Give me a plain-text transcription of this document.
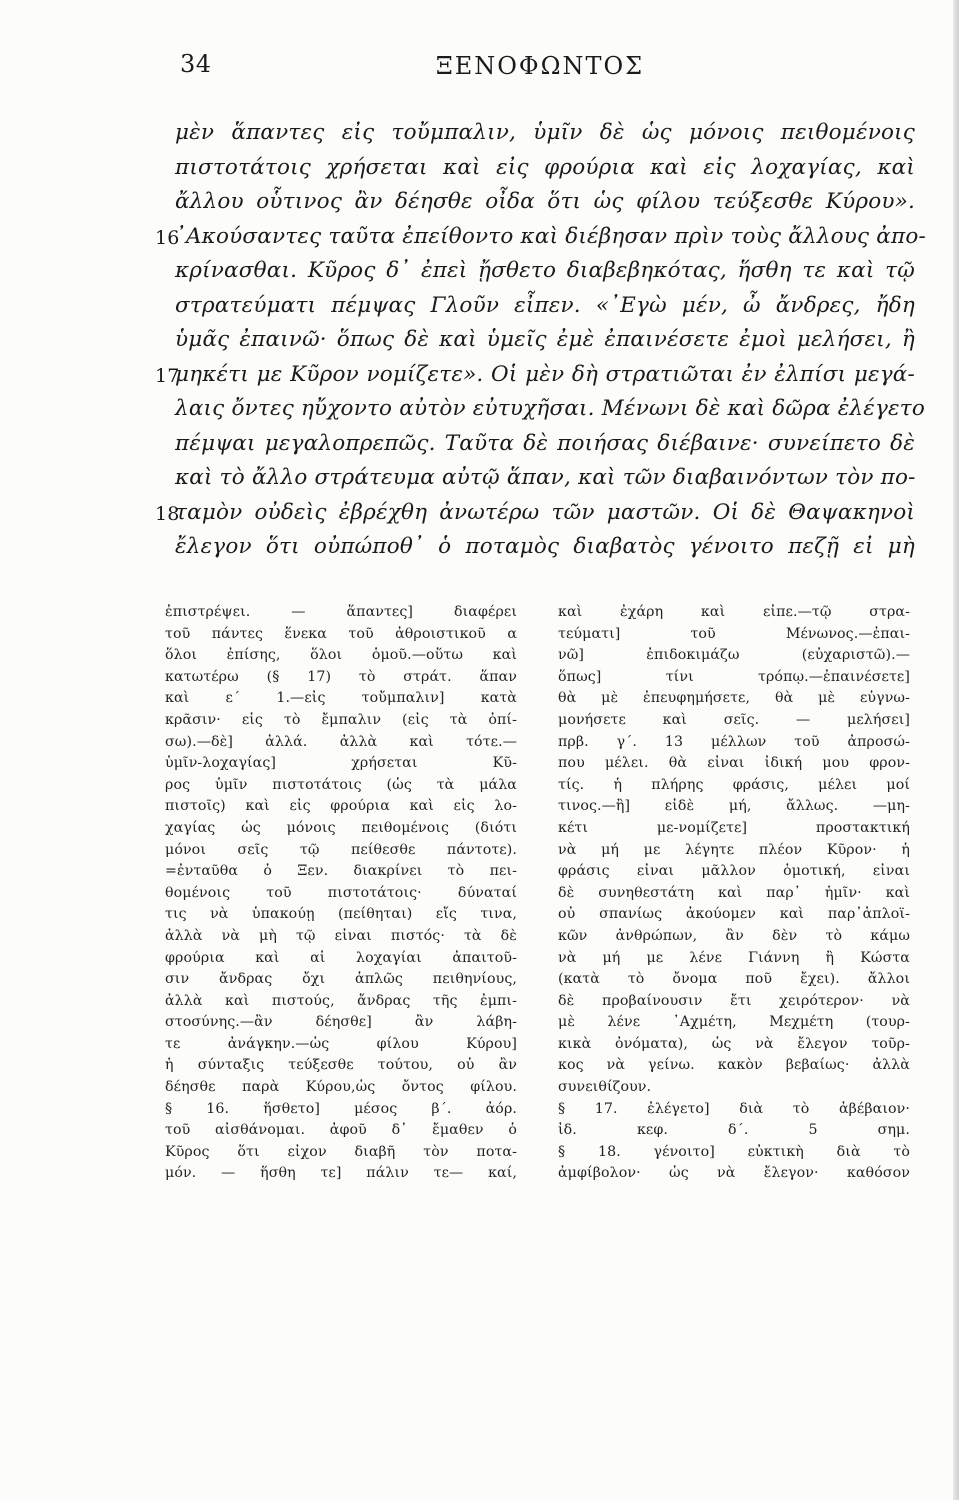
34	ΞΕΝΟΦΩΝΤΟΣ
μὲν ἅπαντες εἰς τοὔμπαλιν, ὑμῖν δὲ ὡς μόνοις πειθομένοις
πιστοτάτοις χρήσεται καὶ εἰς φρούρια καὶ εἰς λοχαγίας, καὶ
ἄλλου οὗτινος ἂν δέησθε οἶδα ὅτι ὡς φίλου τεύξεσθε Κύρου».
16
᾿Ακούσαντες ταῦτα ἐπείθοντο καὶ διέβησαν πρὶν τοὺς ἄλλους ἀπο-
κρίνασθαι. Κῦρος δ᾿ ἐπεὶ ᾔσθετο διαβεβηκότας, ἥσθη τε καὶ τῷ
στρατεύματι πέμψας Γλοῦν εἶπεν. «᾿Εγὼ μέν, ὦ ἄνδρες, ἤδη
ὑμᾶς ἐπαινῶ· ὅπως δὲ καὶ ὑμεῖς ἐμὲ ἐπαινέσετε ἐμοὶ μελήσει, ἢ
17
μηκέτι με Κῦρον νομίζετε». Οἱ μὲν δὴ στρατιῶται ἐν ἐλπίσι μεγά-
λαις ὄντες ηὔχοντο αὐτὸν εὐτυχῆσαι. Μένωνι δὲ καὶ δῶρα ἐλέγετο
πέμψαι μεγαλοπρεπῶς. Ταῦτα δὲ ποιήσας διέβαινε· συνείπετο δὲ
καὶ τὸ ἄλλο στράτευμα αὐτῷ ἅπαν, καὶ τῶν διαβαινόντων τὸν πο-
18
ταμὸν οὐδεὶς ἐβρέχθη ἀνωτέρω τῶν μαστῶν. Οἱ δὲ Θαψακηνοὶ
ἔλεγον ὅτι οὐπώποθ᾿ ὁ ποταμὸς διαβατὸς γένοιτο πεζῇ εἰ μὴ
ἐπιστρέψει. — ἅπαντες] διαφέρει
τοῦ πάντες ἕνεκα τοῦ ἀθροιστικοῦ α
ὅλοι ἐπίσης, ὅλοι ὁμοῦ.—οὕτω καὶ
κατωτέρω (§ 17) τὸ στράτ. ἅπαν
καὶ ε΄ 1.—εἰς τοὔμπαλιν] κατὰ
κρᾶσιν· εἰς τὸ ἔμπαλιν (εἰς τὰ ὀπί-
σω).—δὲ] ἀλλά. ἀλλὰ καὶ τότε.—
ὑμῖν-λοχαγίας] χρήσεται Κῦ-
ρος ὑμῖν πιστοτάτοις (ὡς τὰ μάλα
πιστοῖς) καὶ εἰς φρούρια καὶ εἰς λο-
χαγίας ὡς μόνοις πειθομένοις (διότι
μόνοι σεῖς τῷ πείθεσθε πάντοτε).
=ἐνταῦθα ὁ Ξεν. διακρίνει τὸ πει-
θομένοις τοῦ πιστοτάτοις· δύναταί
τις νὰ ὑπακούῃ (πείθηται) εἴς τινα,
ἀλλὰ νὰ μὴ τῷ εἶναι πιστός· τὰ δὲ
φρούρια καὶ αἱ λοχαγίαι ἀπαιτοῦ-
σιν ἄνδρας ὄχι ἁπλῶς πειθηνίους,
ἀλλὰ καὶ πιστούς, ἄνδρας τῆς ἐμπι-
στοσύνης.—ἂν δέησθε] ἂν λάβη-
τε ἀνάγκην.—ὡς φίλου Κύρου]
ἡ σύνταξις τεύξεσθε τούτου, οὗ ἂν
δέησθε παρὰ Κύρου,ὡς ὄντος φίλου.
§ 16. ἥσθετο] μέσος β΄. ἀόρ.
τοῦ αἰσθάνομαι. ἀφοῦ δ᾿ ἔμαθεν ὁ
Κῦρος ὅτι εἶχον διαβῆ τὸν ποτα-
μόν. — ἥσθη τε] πάλιν τε— καί,
καὶ ἐχάρη καὶ εἶπε.—τῷ στρα-
τεύματι] τοῦ Μένωνος.—ἐπαι-
νῶ] ἐπιδοκιμάζω (εὐχαριστῶ).—
ὅπως] τίνι τρόπῳ.—ἐπαινέσετε]
θὰ μὲ ἐπευφημήσετε, θὰ μὲ εὐγνω-
μονήσετε καὶ σεῖς. — μελήσει]
πρβ. γ΄. 13 μέλλων τοῦ ἀπροσώ-
που μέλει. θὰ εἶναι ἰδική μου φρον-
τίς. ἡ πλήρης φράσις, μέλει μοί
τινος.—ἢ] εἰδὲ μή, ἄλλως. —μη-
κέτι με-νομίζετε] προστακτική
νὰ μή με λέγητε πλέον Κῦρον· ἡ
φράσις εἶναι μᾶλλον ὁμοτική, εἶναι
δὲ συνηθεστάτη καὶ παρ᾿ ἡμῖν· καὶ
οὐ σπανίως ἀκούομεν καὶ παρ᾿ἁπλοϊ-
κῶν ἀνθρώπων, ἂν δὲν τὸ κάμω
νὰ μή με λένε Γιάννη ἢ Κώστα
(κατὰ τὸ ὄνομα ποῦ ἔχει). ἄλλοι
δὲ προβαίνουσιν ἔτι χειρότερον· νὰ
μὲ λένε ᾿Αχμέτη, Μεχμέτη (τουρ-
κικὰ ὀνόματα), ὡς νὰ ἔλεγον τοῦρ-
κος νὰ γείνω. κακὸν βεβαίως· ἀλλὰ
συνειθίζουν.
§ 17. ἐλέγετο] διὰ τὸ ἀβέβαιον·
ἰδ. κεφ. δ΄. 5 σημ.
§ 18. γένοιτο] εὐκτικὴ διὰ τὸ
ἀμφίβολον· ὡς νὰ ἔλεγον· καθόσον
